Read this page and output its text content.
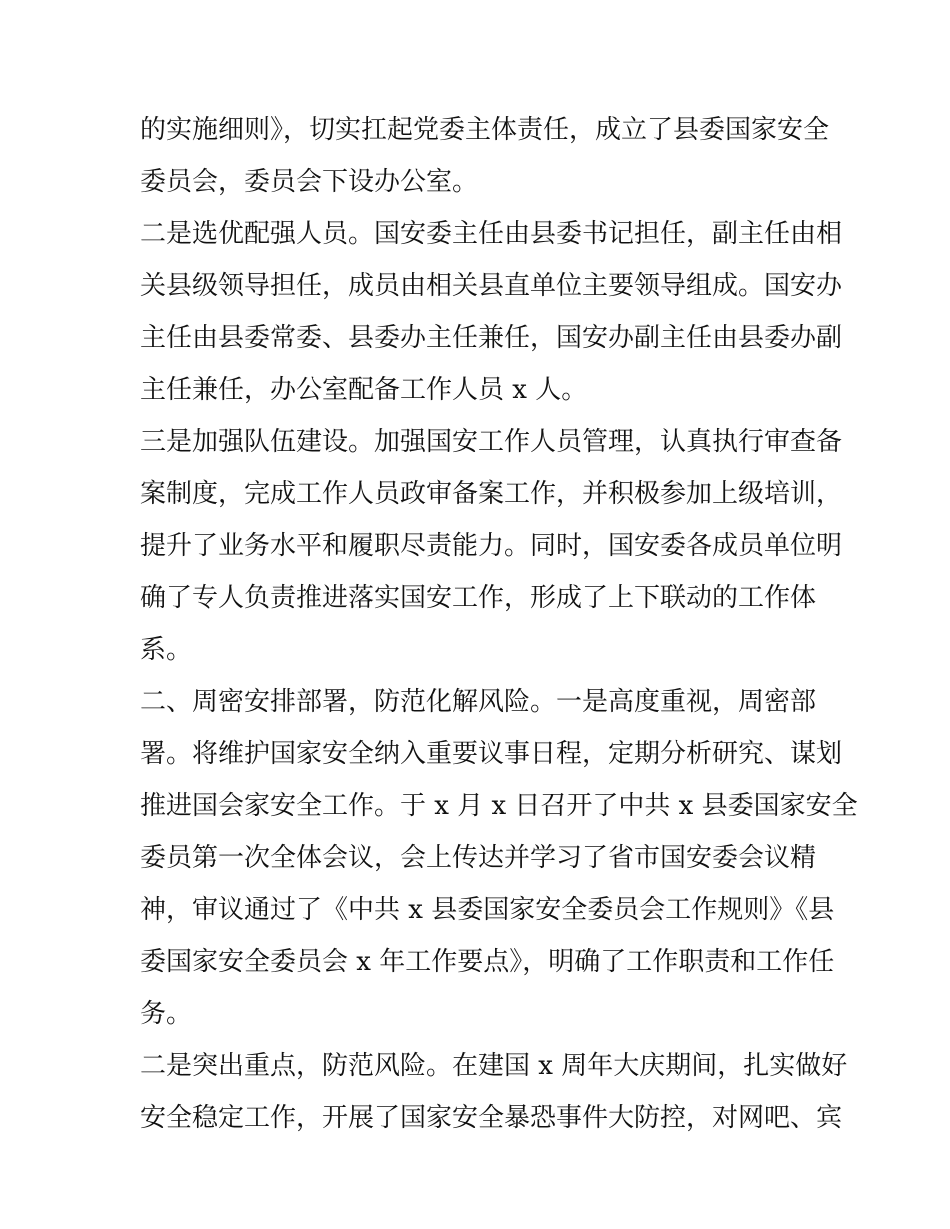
的实施细则》，切实扛起党委主体责任，成立了县委国家安全
委员会，委员会下设办公室。
二是选优配强人员。国安委主任由县委书记担任，副主任由相
关县级领导担任，成员由相关县直单位主要领导组成。国安办
主任由县委常委、县委办主任兼任，国安办副主任由县委办副
主任兼任，办公室配备工作人员 x 人。
三是加强队伍建设。加强国安工作人员管理，认真执行审查备
案制度，完成工作人员政审备案工作，并积极参加上级培训，
提升了业务水平和履职尽责能力。同时，国安委各成员单位明
确了专人负责推进落实国安工作，形成了上下联动的工作体
系。
二、周密安排部署，防范化解风险。一是高度重视，周密部
署。将维护国家安全纳入重要议事日程，定期分析研究、谋划
推进国会家安全工作。于 x 月 x 日召开了中共 x 县委国家安全
委员第一次全体会议，会上传达并学习了省市国安委会议精
神，审议通过了《中共 x 县委国家安全委员会工作规则》《县
委国家安全委员会 x 年工作要点》，明确了工作职责和工作任
务。
二是突出重点，防范风险。在建国 x 周年大庆期间，扎实做好
安全稳定工作，开展了国家安全暴恐事件大防控，对网吧、宾
